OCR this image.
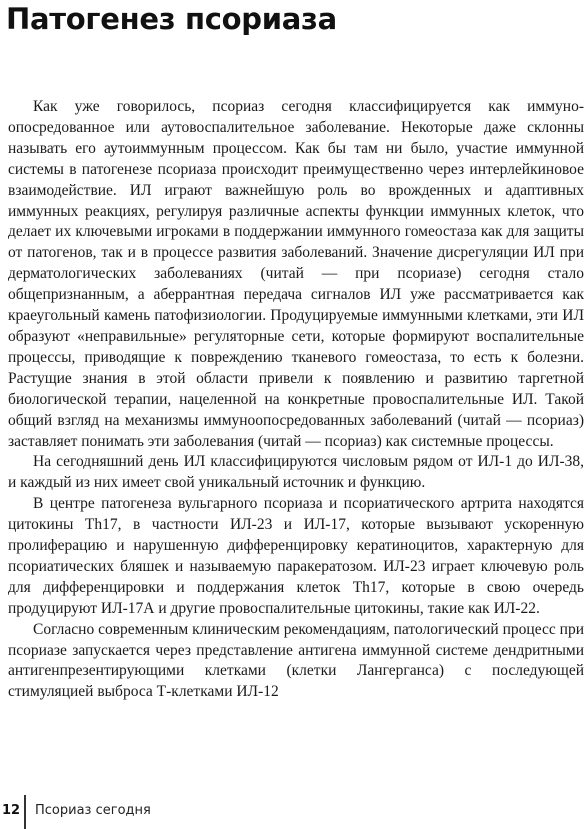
Патогенез псориаза

Как уже говорилось, псориаз сегодня классифицируется как иммуноопосредованное или аутовоспалительное заболевание. Некоторые даже склонны называть его аутоиммунным процессом. Как бы там ни было, участие иммунной системы в патогенезе псориаза происходит преимущественно через интерлейкиновое взаимодействие. ИЛ играют важнейшую роль во врожденных и адаптивных иммунных реакциях, регулируя различные аспекты функции иммунных клеток, что делает их ключевыми игроками в поддержании иммунного гомеостаза как для защиты от патогенов, так и в процессе развития заболеваний. Значение дисрегуляции ИЛ при дерматологических заболеваниях (читай — при псориазе) сегодня стало общепризнанным, а аберрантная передача сигналов ИЛ уже рассматривается как краеугольный камень патофизиологии. Продуцируемые иммунными клетками, эти ИЛ образуют «неправильные» регуляторные сети, которые формируют воспалительные процессы, приводящие к повреждению тканевого гомеостаза, то есть к болезни. Растущие знания в этой области привели к появлению и развитию таргетной биологической терапии, нацеленной на конкретные провоспалительные ИЛ. Такой общий взгляд на механизмы иммуноопосредованных заболеваний (читай — псориаз) заставляет понимать эти заболевания (читай — псориаз) как системные процессы.

На сегодняшний день ИЛ классифицируются числовым рядом от ИЛ-1 до ИЛ-38, и каждый из них имеет свой уникальный источник и функцию.

В центре патогенеза вульгарного псориаза и псориатического артрита находятся цитокины Th17, в частности ИЛ-23 и ИЛ-17, которые вызывают ускоренную пролиферацию и нарушенную дифференцировку кератиноцитов, характерную для псориатических бляшек и называемую паракератозом. ИЛ-23 играет ключевую роль для дифференцировки и поддержания клеток Th17, которые в свою очередь продуцируют ИЛ-17А и другие провоспалительные цитокины, такие как ИЛ-22.

Согласно современным клиническим рекомендациям, патологический процесс при псориазе запускается через представление антигена иммунной системе дендритными антигенпрезентирующими клетками (клетки Лангерганса) с последующей стимуляцией выброса Т-клетками ИЛ-12

12 Псориаз сегодня
